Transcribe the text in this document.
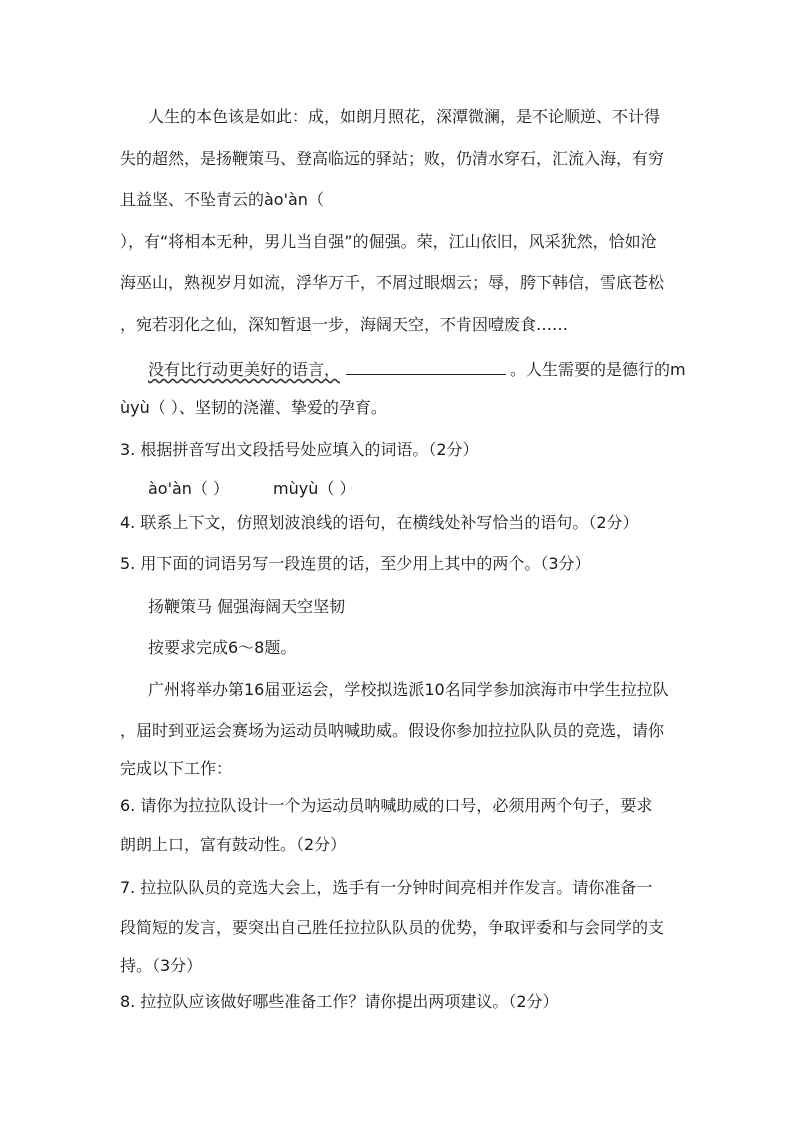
人生的本色该是如此：成，如朗月照花，深潭微澜，是不论顺逆、不计得
失的超然，是扬鞭策马、登高临远的驿站；败，仍清水穿石，汇流入海，有穷
且益坚、不坠青云的ào'àn（
），有“将相本无种，男儿当自强”的倔强。荣，江山依旧，风采犹然，恰如沧
海巫山，熟视岁月如流，浮华万千，不屑过眼烟云；辱，胯下韩信，雪底苍松
，宛若羽化之仙，深知暂退一步，海阔天空，不肯因噎废食……
没有比行动更美好的语言，	。人生需要的是德行的m
ùyù（ ）、坚韧的浇灌、挚爱的孕育。
3. 根据拼音写出文段括号处应填入的词语。（2分）
ào'àn（ ）	mùyù（ ）
4. 联系上下文，仿照划波浪线的语句，在横线处补写恰当的语句。（2分）
5. 用下面的词语另写一段连贯的话，至少用上其中的两个。（3分）
扬鞭策马 倔强海阔天空坚韧
按要求完成6～8题。
广州将举办第16届亚运会，学校拟选派10名同学参加滨海市中学生拉拉队
，届时到亚运会赛场为运动员呐喊助威。假设你参加拉拉队队员的竞选，请你
完成以下工作：
6. 请你为拉拉队设计一个为运动员呐喊助威的口号，必须用两个句子，要求
朗朗上口，富有鼓动性。（2分）
7. 拉拉队队员的竞选大会上，选手有一分钟时间亮相并作发言。请你准备一
段简短的发言，要突出自己胜任拉拉队队员的优势，争取评委和与会同学的支
持。（3分）
8. 拉拉队应该做好哪些准备工作？请你提出两项建议。（2分）
